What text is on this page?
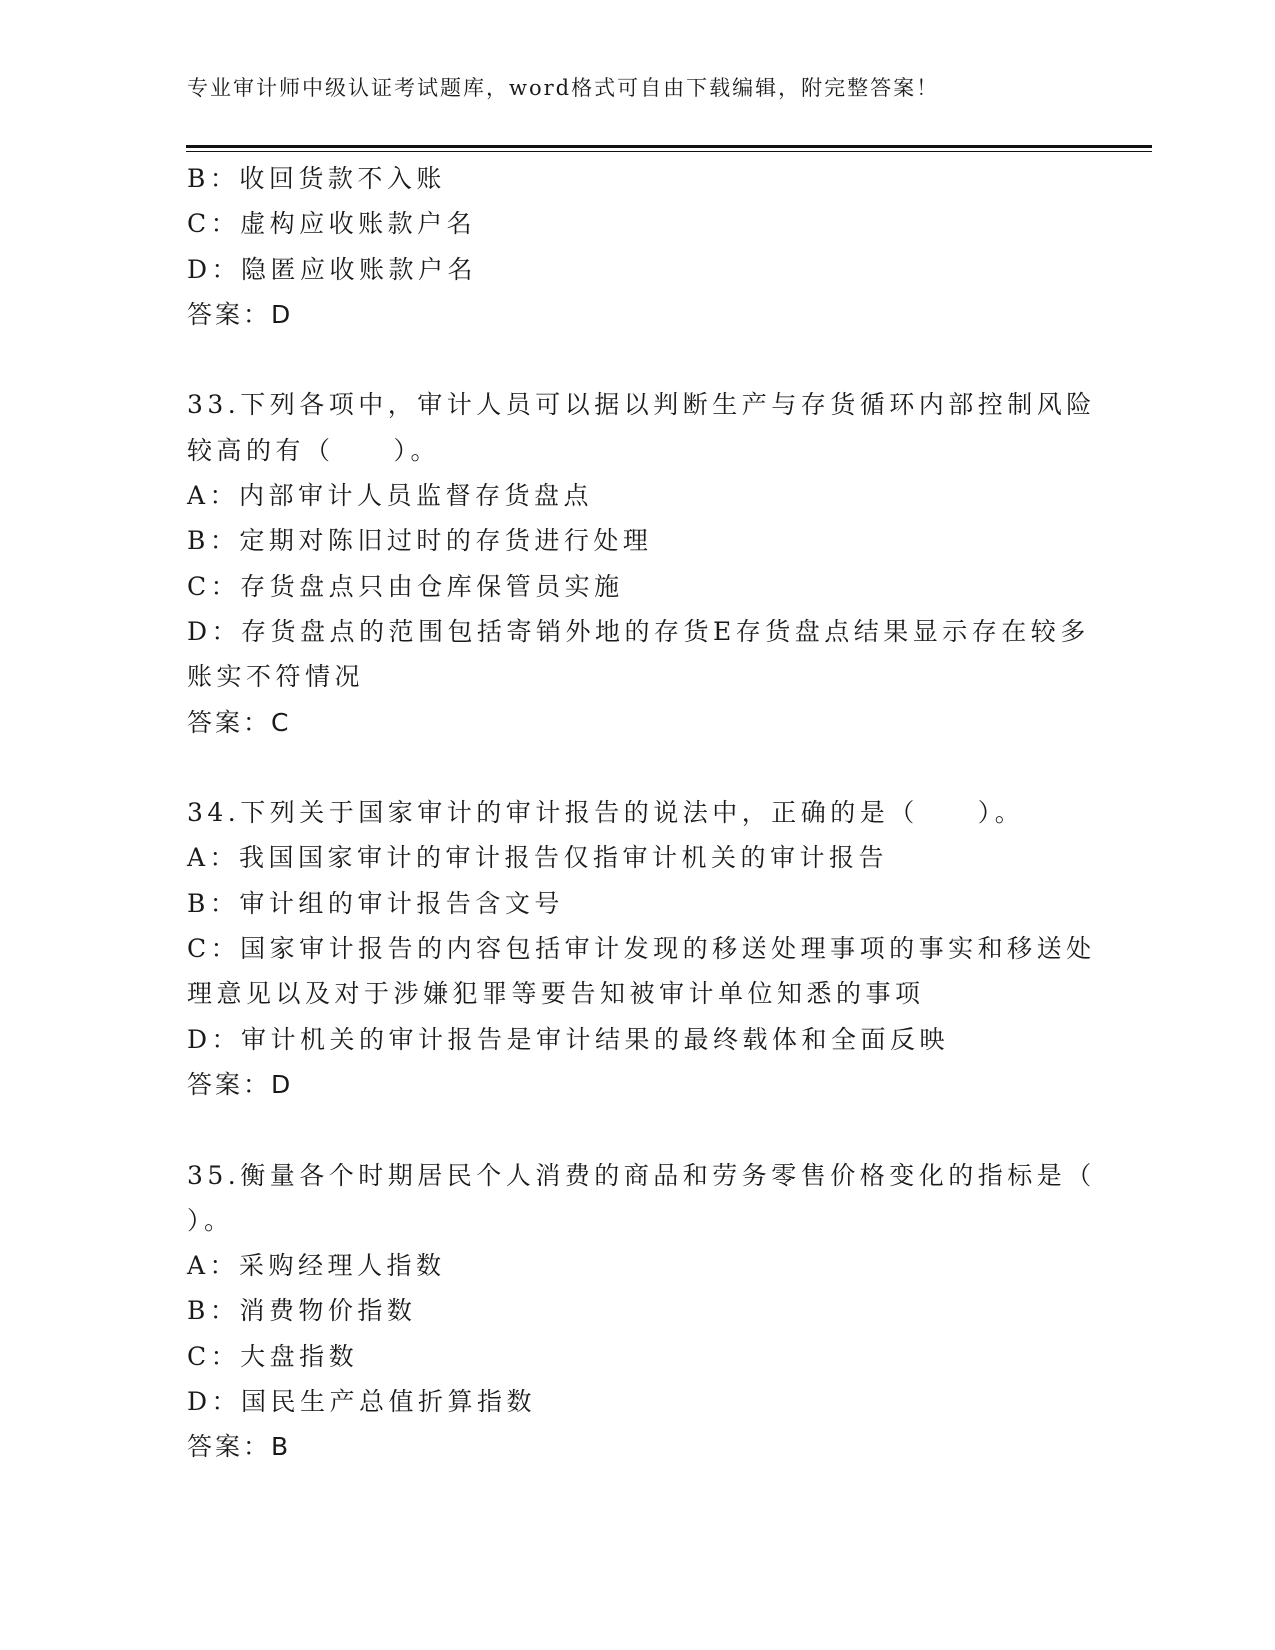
专业审计师中级认证考试题库，word格式可自由下载编辑，附完整答案！
B：收回货款不入账
C：虚构应收账款户名
D：隐匿应收账款户名
答案：D
33.下列各项中，审计人员可以据以判断生产与存货循环内部控制风险
较高的有（　　）。
A：内部审计人员监督存货盘点
B：定期对陈旧过时的存货进行处理
C：存货盘点只由仓库保管员实施
D：存货盘点的范围包括寄销外地的存货E存货盘点结果显示存在较多
账实不符情况
答案：C
34.下列关于国家审计的审计报告的说法中，正确的是（　　）。
A：我国国家审计的审计报告仅指审计机关的审计报告
B：审计组的审计报告含文号
C：国家审计报告的内容包括审计发现的移送处理事项的事实和移送处
理意见以及对于涉嫌犯罪等要告知被审计单位知悉的事项
D：审计机关的审计报告是审计结果的最终载体和全面反映
答案：D
35.衡量各个时期居民个人消费的商品和劳务零售价格变化的指标是（
）。
A：采购经理人指数
B：消费物价指数
C：大盘指数
D：国民生产总值折算指数
答案：B
